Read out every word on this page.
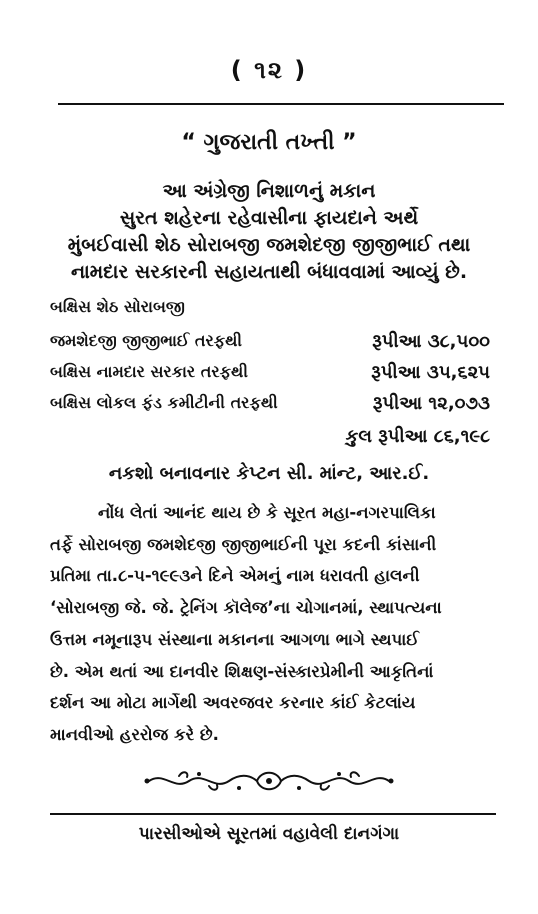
( ૧૨ )
“ ગુજરાતી તખ્તી ”
આ અંગ્રેજી નિશાળનું મકાન
સુરત શહેરના રહેવાસીના ફાયદાને અર્થે
મુંબઈવાસી શેઠ સોરાબજી જમશેદજી જીજીભાઈ તથા
નામદાર સરકારની સહાયતાથી બંધાવવામાં આવ્યું છે.
બક્ષિસ શેઠ સોરાબજી
જમશેદજી જીજીભાઈ તરફથી	રૂપીઆ ૩૮,૫૦૦
બક્ષિસ નામદાર સરકાર તરફથી	રૂપીઆ ૩૫,૬૨૫
બક્ષિસ લોકલ ફંડ કમીટીની તરફથી	રૂપીઆ ૧૨,૦૭૩
કુલ રૂપીઆ ૮૬,૧૯૮
નકશો બનાવનાર કેપ્ટન સી. માંન્ટ, આર.ઈ.
નોંધ લેતાં આનંદ થાય છે કે સૂરત મહા-નગરપાલિકા
તર્ફે સોરાબજી જમશેદજી જીજીભાઈની પૂરા કદની કાંસાની
પ્રતિમા તા.૮-૫-૧૯૯૩ને દિને એમનું નામ ધરાવતી હાલની
‘સોરાબજી જે. જે. ટ્રેનિંગ કૉલેજ’ના ચોગાનમાં, સ્થાપત્યના
ઉત્તમ નમૂનારૂપ સંસ્થાના મકાનના આગળા ભાગે સ્થપાઈ
છે. એમ થતાં આ દાનવીર શિક્ષણ-સંસ્કારપ્રેમીની આકૃતિનાં
દર્શન આ મોટા માર્ગેથી અવરજવર કરનાર કાંઈ કેટલાંય
માનવીઓ હરરોજ કરે છે.
પારસીઓએ સૂરતમાં વહાવેલી દાનગંગા
